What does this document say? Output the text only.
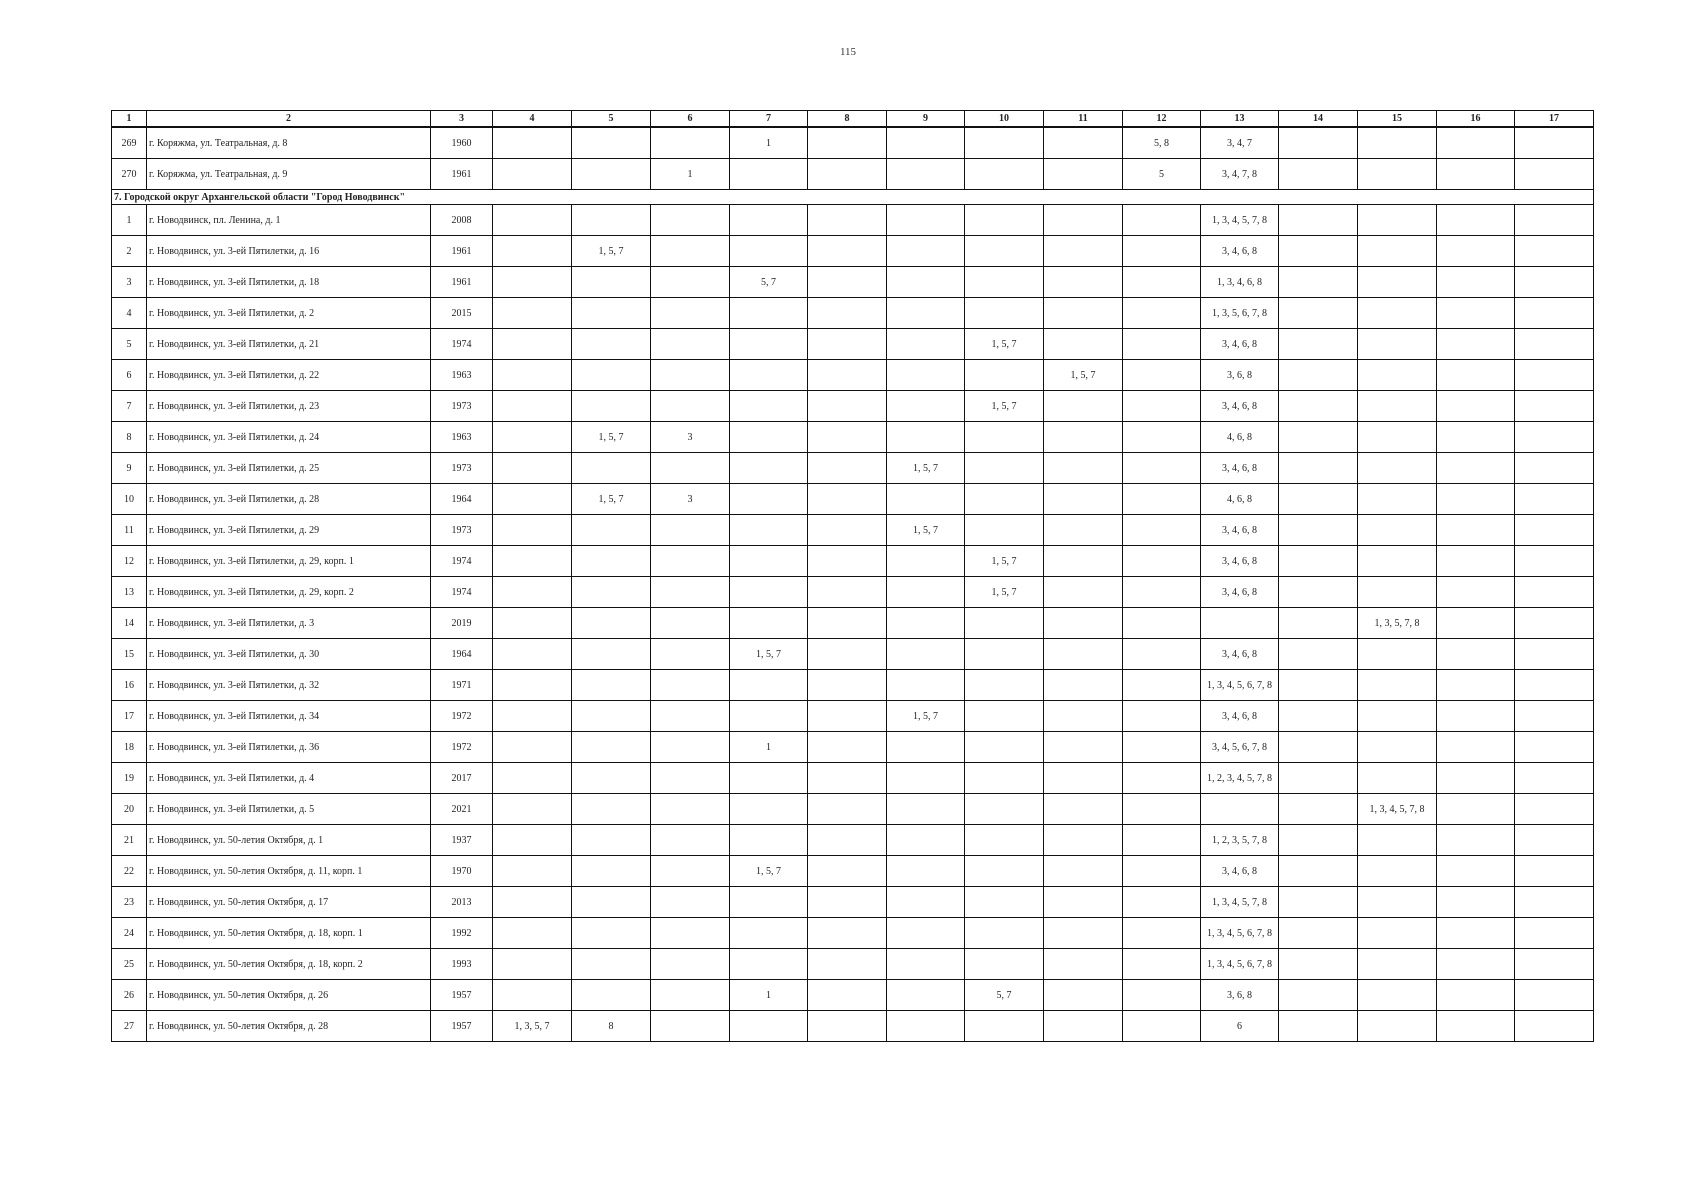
115
1	2	3	4	5	6	7	8	9	10	11	12	13	14	15	16	17
269	г. Коряжма, ул. Театральная, д. 8	1960				1					5, 8	3, 4, 7				
270	г. Коряжма, ул. Театральная, д. 9	1961			1						5	3, 4, 7, 8				
7. Городской округ Архангельской области "Город Новодвинск"																
1	г. Новодвинск, пл. Ленина, д. 1	2008										1, 3, 4, 5, 7, 8				
2	г. Новодвинск, ул. 3-ей Пятилетки, д. 16	1961		1, 5, 7								3, 4, 6, 8				
3	г. Новодвинск, ул. 3-ей Пятилетки, д. 18	1961				5, 7						1, 3, 4, 6, 8				
4	г. Новодвинск, ул. 3-ей Пятилетки, д. 2	2015										1, 3, 5, 6, 7, 8				
5	г. Новодвинск, ул. 3-ей Пятилетки, д. 21	1974							1, 5, 7			3, 4, 6, 8				
6	г. Новодвинск, ул. 3-ей Пятилетки, д. 22	1963								1, 5, 7		3, 6, 8				
7	г. Новодвинск, ул. 3-ей Пятилетки, д. 23	1973							1, 5, 7			3, 4, 6, 8				
8	г. Новодвинск, ул. 3-ей Пятилетки, д. 24	1963		1, 5, 7	3							4, 6, 8				
9	г. Новодвинск, ул. 3-ей Пятилетки, д. 25	1973						1, 5, 7				3, 4, 6, 8				
10	г. Новодвинск, ул. 3-ей Пятилетки, д. 28	1964		1, 5, 7	3							4, 6, 8				
11	г. Новодвинск, ул. 3-ей Пятилетки, д. 29	1973						1, 5, 7				3, 4, 6, 8				
12	г. Новодвинск, ул. 3-ей Пятилетки, д. 29, корп. 1	1974							1, 5, 7			3, 4, 6, 8				
13	г. Новодвинск, ул. 3-ей Пятилетки, д. 29, корп. 2	1974							1, 5, 7			3, 4, 6, 8				
14	г. Новодвинск, ул. 3-ей Пятилетки, д. 3	2019												1, 3, 5, 7, 8		
15	г. Новодвинск, ул. 3-ей Пятилетки, д. 30	1964				1, 5, 7						3, 4, 6, 8				
16	г. Новодвинск, ул. 3-ей Пятилетки, д. 32	1971										1, 3, 4, 5, 6, 7, 8				
17	г. Новодвинск, ул. 3-ей Пятилетки, д. 34	1972						1, 5, 7				3, 4, 6, 8				
18	г. Новодвинск, ул. 3-ей Пятилетки, д. 36	1972				1						3, 4, 5, 6, 7, 8				
19	г. Новодвинск, ул. 3-ей Пятилетки, д. 4	2017										1, 2, 3, 4, 5, 7, 8				
20	г. Новодвинск, ул. 3-ей Пятилетки, д. 5	2021												1, 3, 4, 5, 7, 8		
21	г. Новодвинск, ул. 50-летия Октября, д. 1	1937										1, 2, 3, 5, 7, 8				
22	г. Новодвинск, ул. 50-летия Октября, д. 11, корп. 1	1970				1, 5, 7						3, 4, 6, 8				
23	г. Новодвинск, ул. 50-летия Октября, д. 17	2013										1, 3, 4, 5, 7, 8				
24	г. Новодвинск, ул. 50-летия Октября, д. 18, корп. 1	1992										1, 3, 4, 5, 6, 7, 8				
25	г. Новодвинск, ул. 50-летия Октября, д. 18, корп. 2	1993										1, 3, 4, 5, 6, 7, 8				
26	г. Новодвинск, ул. 50-летия Октября, д. 26	1957				1			5, 7			3, 6, 8				
27	г. Новодвинск, ул. 50-летия Октября, д. 28	1957	1, 3, 5, 7	8								6				
